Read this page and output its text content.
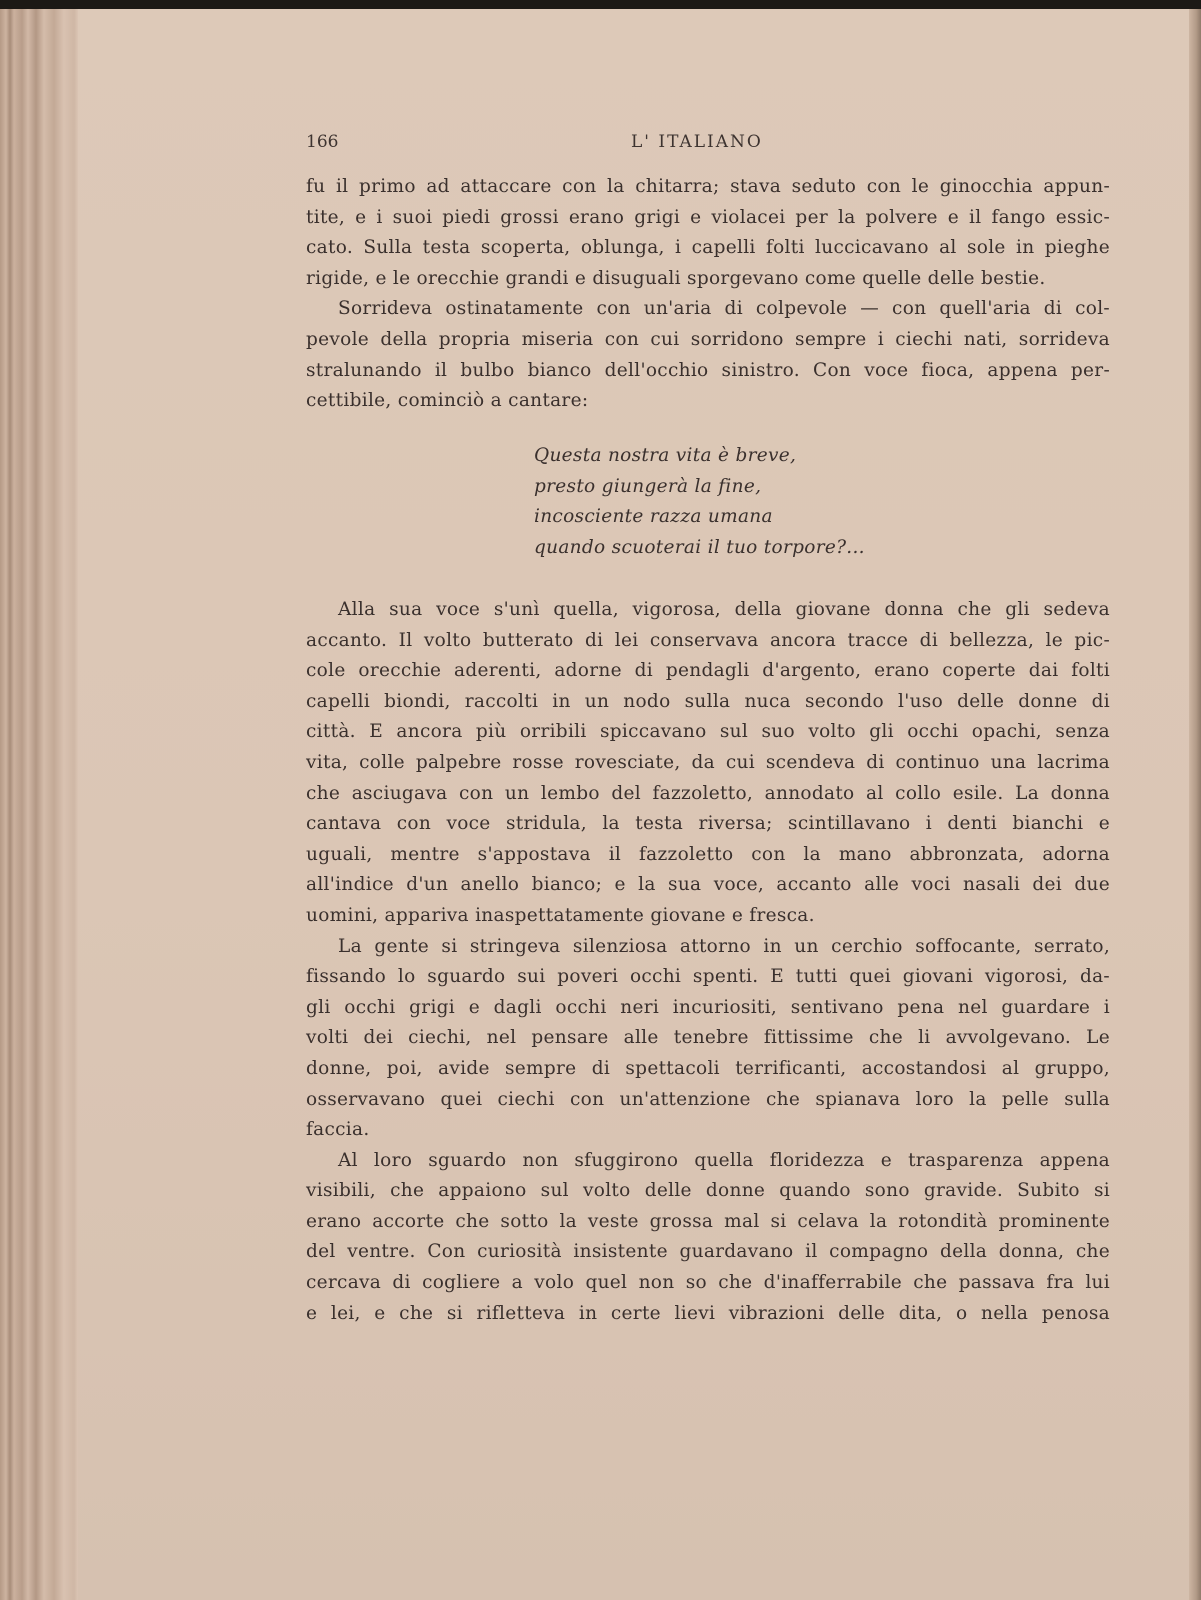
166	L' ITALIANO
fu il primo ad attaccare con la chitarra; stava seduto con le ginocchia appun-
tite, e i suoi piedi grossi erano grigi e violacei per la polvere e il fango essic-
cato. Sulla testa scoperta, oblunga, i capelli folti luccicavano al sole in pieghe
rigide, e le orecchie grandi e disuguali sporgevano come quelle delle bestie.
Sorrideva ostinatamente con un'aria di colpevole — con quell'aria di col-
pevole della propria miseria con cui sorridono sempre i ciechi nati, sorrideva
stralunando il bulbo bianco dell'occhio sinistro. Con voce fioca, appena per-
cettibile, cominciò a cantare:
Questa nostra vita è breve,
presto giungerà la fine,
incosciente razza umana
quando scuoterai il tuo torpore?...
Alla sua voce s'unì quella, vigorosa, della giovane donna che gli sedeva
accanto. Il volto butterato di lei conservava ancora tracce di bellezza, le pic-
cole orecchie aderenti, adorne di pendagli d'argento, erano coperte dai folti
capelli biondi, raccolti in un nodo sulla nuca secondo l'uso delle donne di
città. E ancora più orribili spiccavano sul suo volto gli occhi opachi, senza
vita, colle palpebre rosse rovesciate, da cui scendeva di continuo una lacrima
che asciugava con un lembo del fazzoletto, annodato al collo esile. La donna
cantava con voce stridula, la testa riversa; scintillavano i denti bianchi e
uguali, mentre s'appostava il fazzoletto con la mano abbronzata, adorna
all'indice d'un anello bianco; e la sua voce, accanto alle voci nasali dei due
uomini, appariva inaspettatamente giovane e fresca.
La gente si stringeva silenziosa attorno in un cerchio soffocante, serrato,
fissando lo sguardo sui poveri occhi spenti. E tutti quei giovani vigorosi, da-
gli occhi grigi e dagli occhi neri incuriositi, sentivano pena nel guardare i
volti dei ciechi, nel pensare alle tenebre fittissime che li avvolgevano. Le
donne, poi, avide sempre di spettacoli terrificanti, accostandosi al gruppo,
osservavano quei ciechi con un'attenzione che spianava loro la pelle sulla
faccia.
Al loro sguardo non sfuggirono quella floridezza e trasparenza appena
visibili, che appaiono sul volto delle donne quando sono gravide. Subito si
erano accorte che sotto la veste grossa mal si celava la rotondità prominente
del ventre. Con curiosità insistente guardavano il compagno della donna, che
cercava di cogliere a volo quel non so che d'inafferrabile che passava fra lui
e lei, e che si rifletteva in certe lievi vibrazioni delle dita, o nella penosa
